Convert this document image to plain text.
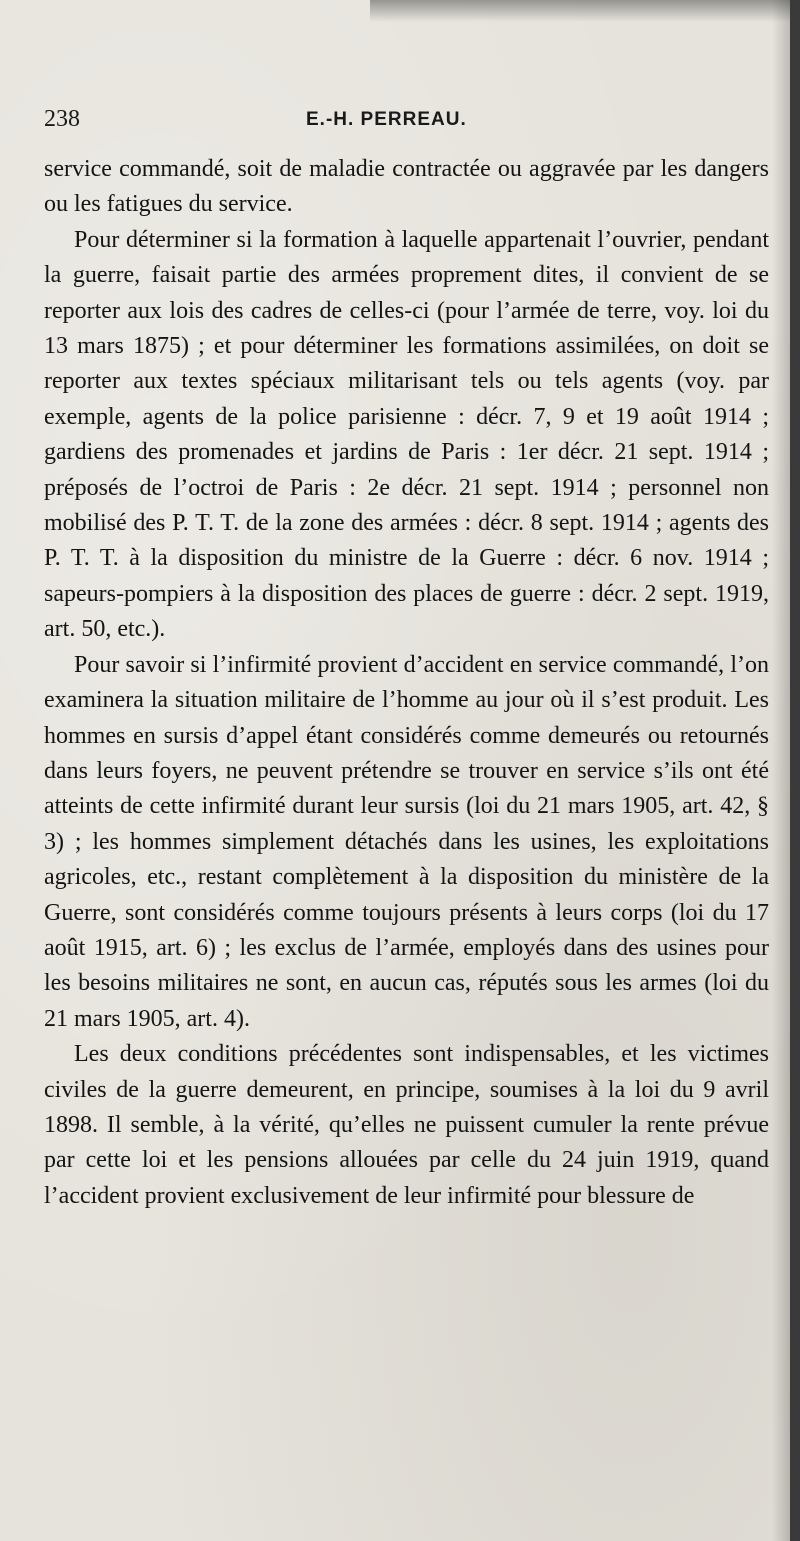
238	E.-H. PERREAU.

service commandé, soit de maladie contractée ou aggravée par les dangers ou les fatigues du service.

Pour déterminer si la formation à laquelle appartenait l’ouvrier, pendant la guerre, faisait partie des armées proprement dites, il convient de se reporter aux lois des cadres de celles-ci (pour l’armée de terre, voy. loi du 13 mars 1875) ; et pour déterminer les formations assimilées, on doit se reporter aux textes spéciaux militarisant tels ou tels agents (voy. par exemple, agents de la police parisienne : décr. 7, 9 et 19 août 1914 ; gardiens des promenades et jardins de Paris : 1er décr. 21 sept. 1914 ; préposés de l’octroi de Paris : 2e décr. 21 sept. 1914 ; personnel non mobilisé des P. T. T. de la zone des armées : décr. 8 sept. 1914 ; agents des P. T. T. à la disposition du ministre de la Guerre : décr. 6 nov. 1914 ; sapeurs-pompiers à la disposition des places de guerre : décr. 2 sept. 1919, art. 50, etc.).

Pour savoir si l’infirmité provient d’accident en service commandé, l’on examinera la situation militaire de l’homme au jour où il s’est produit. Les hommes en sursis d’appel étant considérés comme demeurés ou retournés dans leurs foyers, ne peuvent prétendre se trouver en service s’ils ont été atteints de cette infirmité durant leur sursis (loi du 21 mars 1905, art. 42, § 3) ; les hommes simplement détachés dans les usines, les exploitations agricoles, etc., restant complètement à la disposition du ministère de la Guerre, sont considérés comme toujours présents à leurs corps (loi du 17 août 1915, art. 6) ; les exclus de l’armée, employés dans des usines pour les besoins militaires ne sont, en aucun cas, réputés sous les armes (loi du 21 mars 1905, art. 4).

Les deux conditions précédentes sont indispensables, et les victimes civiles de la guerre demeurent, en principe, soumises à la loi du 9 avril 1898. Il semble, à la vérité, qu’elles ne puissent cumuler la rente prévue par cette loi et les pensions allouées par celle du 24 juin 1919, quand l’accident provient exclusivement de leur infirmité pour blessure de
